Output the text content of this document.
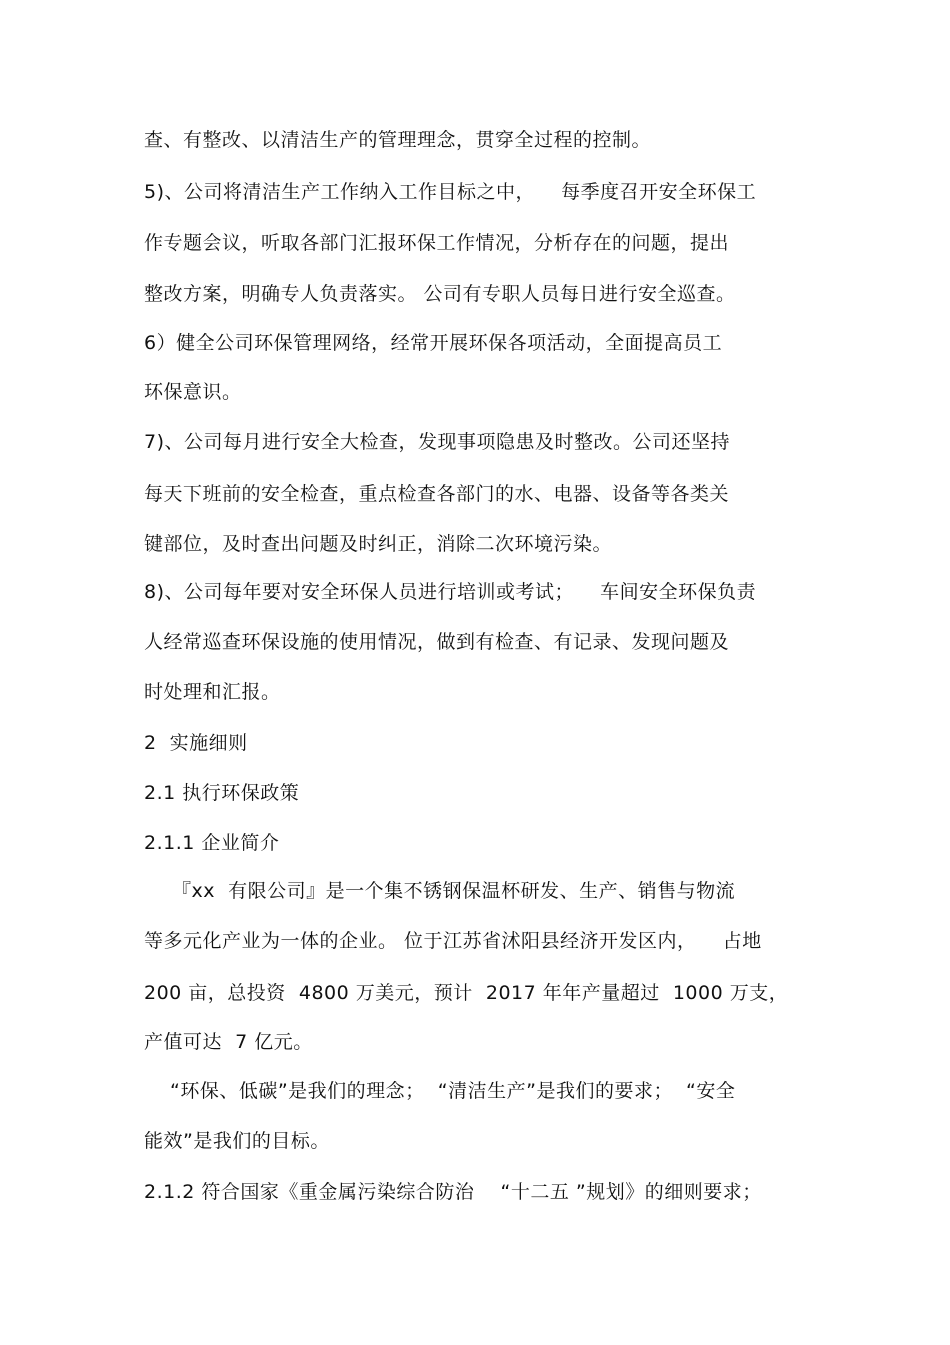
查、有整改、以清洁生产的管理理念，贯穿全过程的控制。
5)、公司将清洁生产工作纳入工作目标之中，    每季度召开安全环保工
作专题会议，听取各部门汇报环保工作情况，分析存在的问题，提出
整改方案，明确专人负责落实。 公司有专职人员每日进行安全巡查。
6）健全公司环保管理网络，经常开展环保各项活动，全面提高员工
环保意识。
7)、公司每月进行安全大检查，发现事项隐患及时整改。公司还坚持
每天下班前的安全检查，重点检查各部门的水、电器、设备等各类关
键部位，及时查出问题及时纠正，消除二次环境污染。
8)、公司每年要对安全环保人员进行培训或考试；    车间安全环保负责
人经常巡查环保设施的使用情况，做到有检查、有记录、发现问题及
时处理和汇报。
2  实施细则
2.1 执行环保政策
2.1.1 企业简介
『xx  有限公司』是一个集不锈钢保温杯研发、生产、销售与物流
等多元化产业为一体的企业。 位于江苏省沭阳县经济开发区内，    占地
200 亩，总投资  4800 万美元，预计  2017 年年产量超过  1000 万支，
产值可达  7 亿元。
“环保、低碳”是我们的理念；  “清洁生产”是我们的要求；  “安全
能效”是我们的目标。
2.1.2 符合国家《重金属污染综合防治    “十二五 ”规划》的细则要求；
